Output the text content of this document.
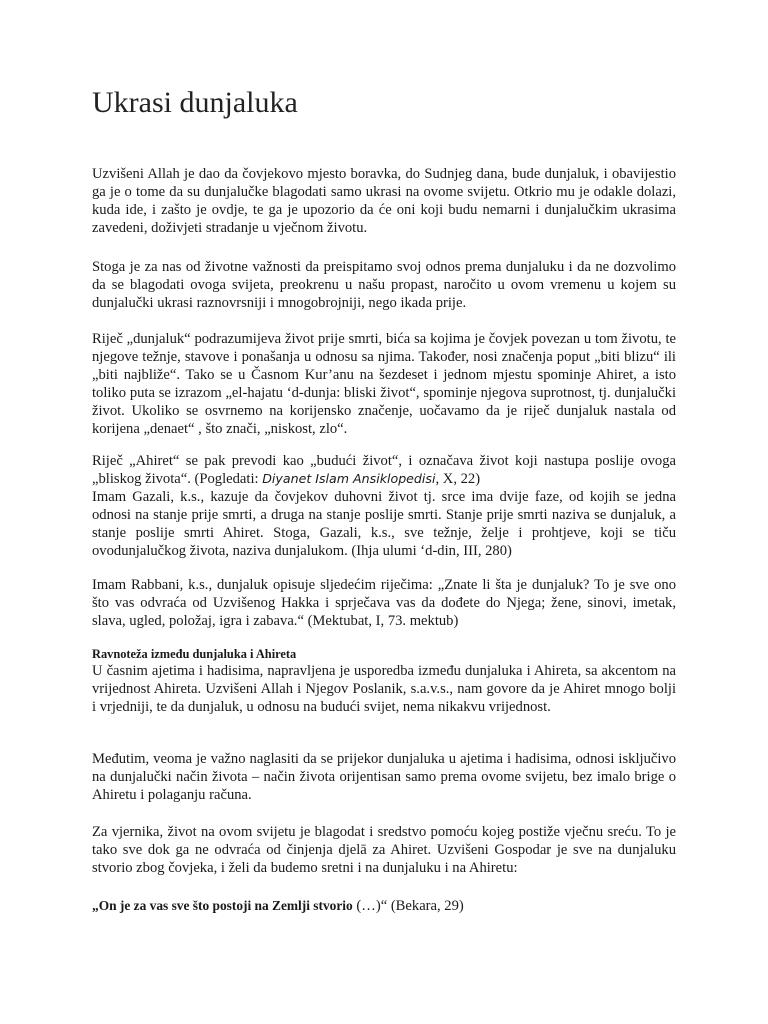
Ukrasi dunjaluka

Uzvišeni Allah je dao da čovjekovo mjesto boravka, do Sudnjeg dana, bude dunjaluk, i obavijestio ga je o tome da su dunjalučke blagodati samo ukrasi na ovome svijetu. Otkrio mu je odakle dolazi, kuda ide, i zašto je ovdje, te ga je upozorio da će oni koji budu nemarni i dunjalučkim ukrasima zavedeni, doživjeti stradanje u vječnom životu.

Stoga je za nas od životne važnosti da preispitamo svoj odnos prema dunjaluku i da ne dozvolimo da se blagodati ovoga svijeta, preokrenu u našu propast, naročito u ovom vremenu u kojem su dunjalučki ukrasi raznovrsniji i mnogobrojniji, nego ikada prije.

Riječ „dunjaluk“ podrazumijeva život prije smrti, bića sa kojima je čovjek povezan u tom životu, te njegove težnje, stavove i ponašanja u odnosu sa njima. Također, nosi značenja poput „biti blizu“ ili „biti najbliže“. Tako se u Časnom Kur’anu na šezdeset i jednom mjestu spominje Ahiret, a isto toliko puta se izrazom „el-hajatu ‘d-dunja: bliski život“, spominje njegova suprotnost, tj. dunjalučki život. Ukoliko se osvrnemo na korijensko značenje, uočavamo da je riječ dunjaluk nastala od korijena „denaet“ , što znači, „niskost, zlo“.

Riječ „Ahiret“ se pak prevodi kao „budući život“, i označava život koji nastupa poslije ovoga „bliskog života“. (Pogledati: Diyanet Islam Ansiklopedisi, X, 22)
Imam Gazali, k.s., kazuje da čovjekov duhovni život tj. srce ima dvije faze, od kojih se jedna odnosi na stanje prije smrti, a druga na stanje poslije smrti. Stanje prije smrti naziva se dunjaluk, a stanje poslije smrti Ahiret. Stoga, Gazali, k.s., sve težnje, želje i prohtjeve, koji se tiču ovodunjalučkog života, naziva dunjalukom. (Ihja ulumi ‘d-din, III, 280)

Imam Rabbani, k.s., dunjaluk opisuje sljedećim riječima: „Znate li šta je dunjaluk? To je sve ono što vas odvraća od Uzvišenog Hakka i sprječava vas da dođete do Njega; žene, sinovi, imetak, slava, ugled, položaj, igra i zabava.“ (Mektubat, I, 73. mektub)

Ravnoteža između dunjaluka i Ahireta
U časnim ajetima i hadisima, napravljena je usporedba između dunjaluka i Ahireta, sa akcentom na vrijednost Ahireta. Uzvišeni Allah i Njegov Poslanik, s.a.v.s., nam govore da je Ahiret mnogo bolji i vrjedniji, te da dunjaluk, u odnosu na budući svijet, nema nikakvu vrijednost.

Međutim, veoma je važno naglasiti da se prijekor dunjaluka u ajetima i hadisima, odnosi isključivo na dunjalučki način života – način života orijentisan samo prema ovome svijetu, bez imalo brige o Ahiretu i polaganju računa.

Za vjernika, život na ovom svijetu je blagodat i sredstvo pomoću kojeg postiže vječnu sreću. To je tako sve dok ga ne odvraća od činjenja djelā za Ahiret. Uzvišeni Gospodar je sve na dunjaluku stvorio zbog čovjeka, i želi da budemo sretni i na dunjaluku i na Ahiretu:

„On je za vas sve što postoji na Zemlji stvorio (…)“ (Bekara, 29)
